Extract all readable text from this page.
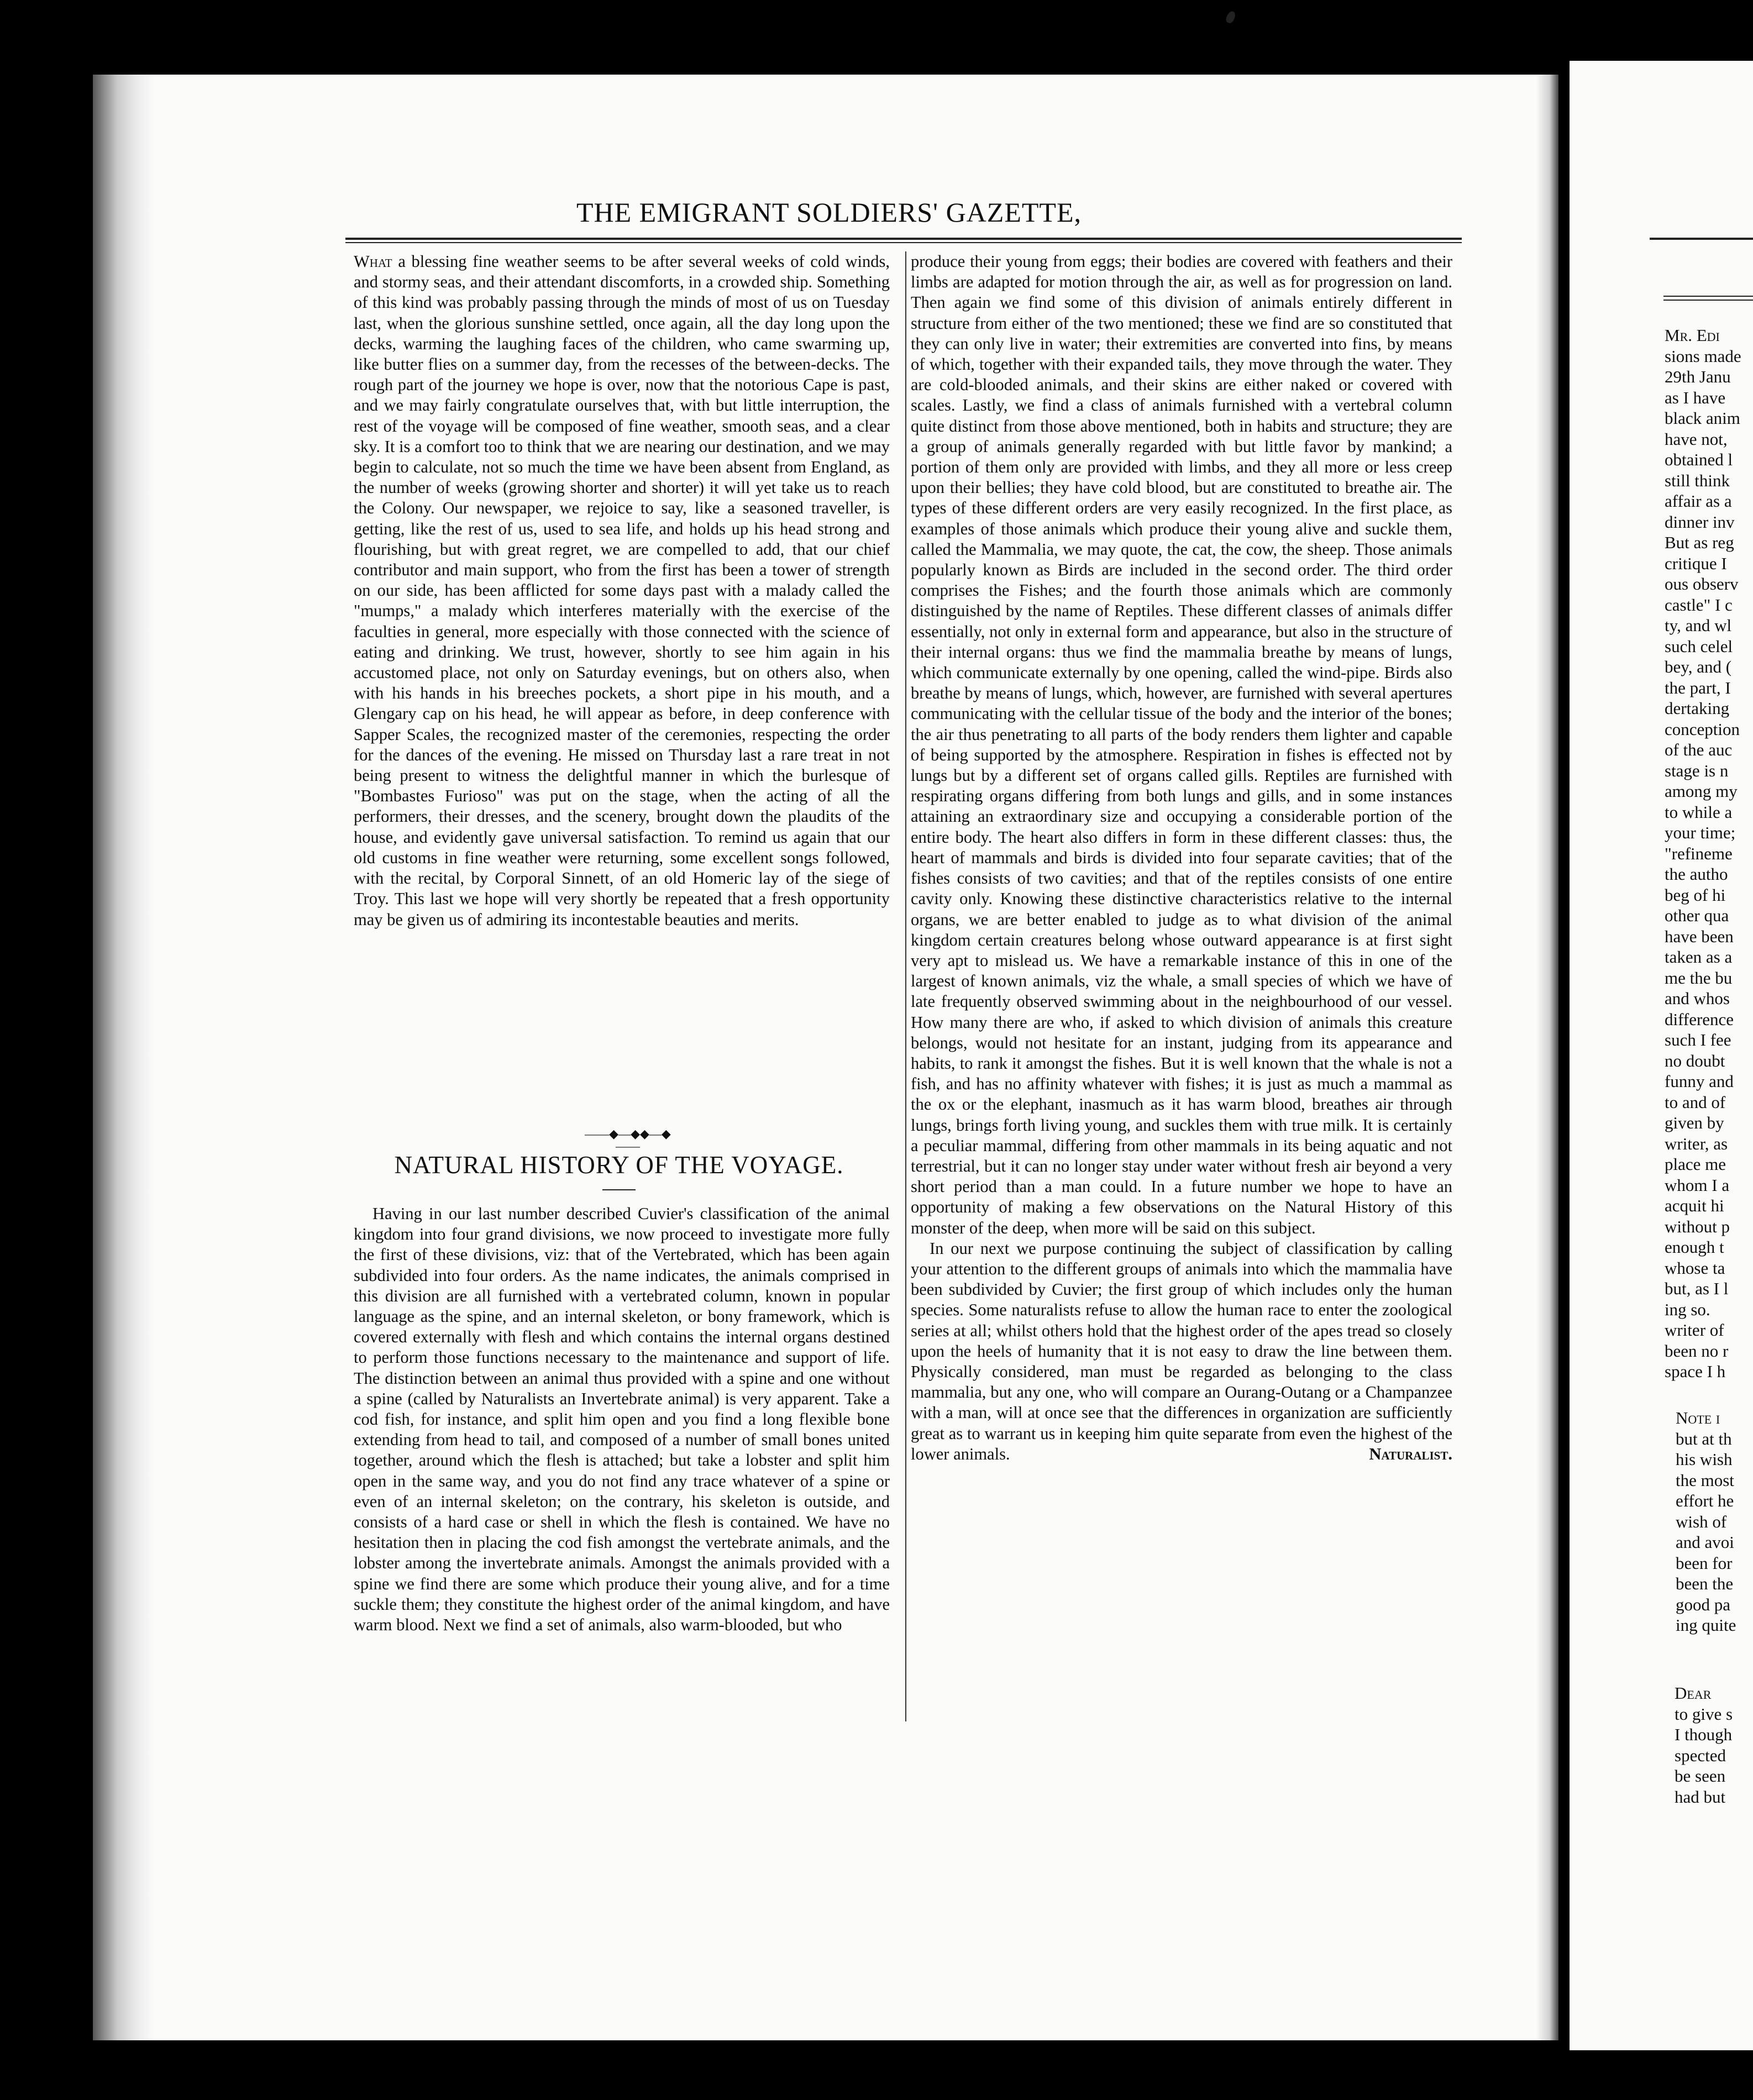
THE EMIGRANT SOLDIERS' GAZETTE,

What a blessing fine weather seems to be after several weeks of cold winds, and stormy seas, and their attendant discomforts, in a crowded ship. Something of this kind was probably passing through the minds of most of us on Tuesday last, when the glorious sunshine settled, once again, all the day long upon the decks, warming the laughing faces of the children, who came swarming up, like butter flies on a summer day, from the recesses of the between-decks. The rough part of the journey we hope is over, now that the notorious Cape is past, and we may fairly congratulate ourselves that, with but little interruption, the rest of the voyage will be composed of fine weather, smooth seas, and a clear sky. It is a comfort too to think that we are nearing our destination, and we may begin to calculate, not so much the time we have been absent from England, as the number of weeks (growing shorter and shorter) it will yet take us to reach the Colony. Our newspaper, we rejoice to say, like a seasoned traveller, is getting, like the rest of us, used to sea life, and holds up his head strong and flourishing, but with great regret, we are compelled to add, that our chief contributor and main support, who from the first has been a tower of strength on our side, has been afflicted for some days past with a malady called the "mumps," a malady which interferes materially with the exercise of the faculties in general, more especially with those connected with the science of eating and drinking. We trust, however, shortly to see him again in his accustomed place, not only on Saturday evenings, but on others also, when with his hands in his breeches pockets, a short pipe in his mouth, and a Glengary cap on his head, he will appear as before, in deep conference with Sapper Scales, the recognized master of the ceremonies, respecting the order for the dances of the evening. He missed on Thursday last a rare treat in not being present to witness the delightful manner in which the burlesque of "Bombastes Furioso" was put on the stage, when the acting of all the performers, their dresses, and the scenery, brought down the plaudits of the house, and evidently gave universal satisfaction. To remind us again that our old customs in fine weather were returning, some excellent songs followed, with the recital, by Corporal Sinnett, of an old Homeric lay of the siege of Troy. This last we hope will very shortly be repeated that a fresh opportunity may be given us of admiring its incontestable beauties and merits.

——◆—◆◆—◆——
NATURAL HISTORY OF THE VOYAGE.

Having in our last number described Cuvier's classification of the animal kingdom into four grand divisions, we now proceed to investigate more fully the first of these divisions, viz: that of the Vertebrated, which has been again subdivided into four orders. As the name indicates, the animals comprised in this division are all furnished with a vertebrated column, known in popular language as the spine, and an internal skeleton, or bony framework, which is covered externally with flesh and which contains the internal organs destined to perform those functions necessary to the maintenance and support of life. The distinction between an animal thus provided with a spine and one without a spine (called by Naturalists an Invertebrate animal) is very apparent. Take a cod fish, for instance, and split him open and you find a long flexible bone extending from head to tail, and composed of a number of small bones united together, around which the flesh is attached; but take a lobster and split him open in the same way, and you do not find any trace whatever of a spine or even of an internal skeleton; on the contrary, his skeleton is outside, and consists of a hard case or shell in which the flesh is contained. We have no hesitation then in placing the cod fish amongst the vertebrate animals, and the lobster among the invertebrate animals. Amongst the animals provided with a spine we find there are some which produce their young alive, and for a time suckle them; they constitute the highest order of the animal kingdom, and have warm blood. Next we find a set of animals, also warm-blooded, but who

produce their young from eggs; their bodies are covered with feathers and their limbs are adapted for motion through the air, as well as for progression on land. Then again we find some of this division of animals entirely different in structure from either of the two mentioned; these we find are so constituted that they can only live in water; their extremities are converted into fins, by means of which, together with their expanded tails, they move through the water. They are cold-blooded animals, and their skins are either naked or covered with scales. Lastly, we find a class of animals furnished with a vertebral column quite distinct from those above mentioned, both in habits and structure; they are a group of animals generally regarded with but little favor by mankind; a portion of them only are provided with limbs, and they all more or less creep upon their bellies; they have cold blood, but are constituted to breathe air. The types of these different orders are very easily recognized. In the first place, as examples of those animals which produce their young alive and suckle them, called the Mammalia, we may quote, the cat, the cow, the sheep. Those animals popularly known as Birds are included in the second order. The third order comprises the Fishes; and the fourth those animals which are commonly distinguished by the name of Reptiles. These different classes of animals differ essentially, not only in external form and appearance, but also in the structure of their internal organs: thus we find the mammalia breathe by means of lungs, which communicate externally by one opening, called the wind-pipe. Birds also breathe by means of lungs, which, however, are furnished with several apertures communicating with the cellular tissue of the body and the interior of the bones; the air thus penetrating to all parts of the body renders them lighter and capable of being supported by the atmosphere. Respiration in fishes is effected not by lungs but by a different set of organs called gills. Reptiles are furnished with respirating organs differing from both lungs and gills, and in some instances attaining an extraordinary size and occupying a considerable portion of the entire body. The heart also differs in form in these different classes: thus, the heart of mammals and birds is divided into four separate cavities; that of the fishes consists of two cavities; and that of the reptiles consists of one entire cavity only. Knowing these distinctive characteristics relative to the internal organs, we are better enabled to judge as to what division of the animal kingdom certain creatures belong whose outward appearance is at first sight very apt to mislead us. We have a remarkable instance of this in one of the largest of known animals, viz the whale, a small species of which we have of late frequently observed swimming about in the neighbourhood of our vessel. How many there are who, if asked to which division of animals this creature belongs, would not hesitate for an instant, judging from its appearance and habits, to rank it amongst the fishes. But it is well known that the whale is not a fish, and has no affinity whatever with fishes; it is just as much a mammal as the ox or the elephant, inasmuch as it has warm blood, breathes air through lungs, brings forth living young, and suckles them with true milk. It is certainly a peculiar mammal, differing from other mammals in its being aquatic and not terrestrial, but it can no longer stay under water without fresh air beyond a very short period than a man could. In a future number we hope to have an opportunity of making a few observations on the Natural History of this monster of the deep, when more will be said on this subject.

In our next we purpose continuing the subject of classification by calling your attention to the different groups of animals into which the mammalia have been subdivided by Cuvier; the first group of which includes only the human species. Some naturalists refuse to allow the human race to enter the zoological series at all; whilst others hold that the highest order of the apes tread so closely upon the heels of humanity that it is not easy to draw the line between them. Physically considered, man must be regarded as belonging to the class mammalia, but any one, who will compare an Ourang-Outang or a Champanzee with a man, will at once see that the differences in organization are sufficiently great as to warrant us in keeping him quite separate from even the highest of the lower animals.	Naturalist.
Mr. Edi
sions made
29th Janu
as I have
black anim
have not,
obtained l
still think
affair as a
dinner inv
But as reg
critique I
ous observ
castle" I c
ty, and wl
such celel
bey, and (
the part, I
dertaking
conception
of the auc
stage is n
among my
to while a
your time;
"refineme
the autho
beg of hi
other qua
have been
taken as a
me the bu
and whos
difference
such I fee
no doubt
funny and
to and of
given by
writer, as
place me
whom I a
acquit hi
without p
enough t
whose ta
but, as I l
ing so.
writer of
been no r
space I h
Note i
but at th
his wish
the most
effort he
wish of
and avoi
been for
been the
good pa
ing quite
Dear
to give s
I though
spected
be seen
had but
